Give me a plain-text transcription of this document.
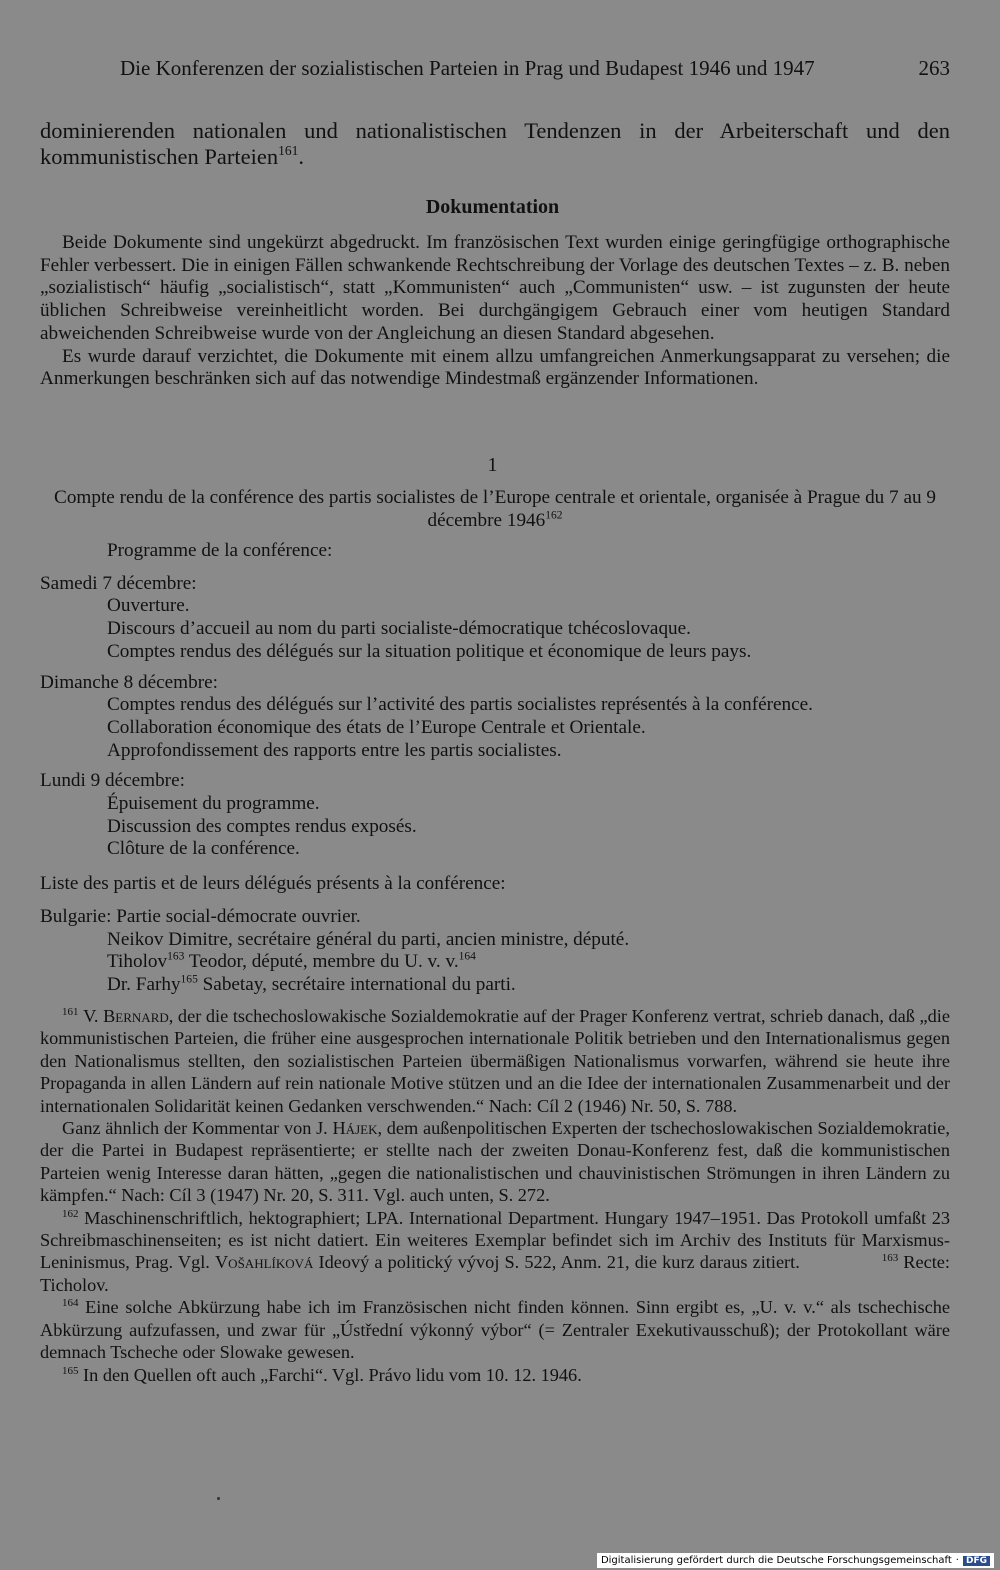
Die Konferenzen der sozialistischen Parteien in Prag und Budapest 1946 und 1947	263
dominierenden nationalen und nationalistischen Tendenzen in der Arbeiterschaft und den kommunistischen Parteien$^{161}$.
Dokumentation

Beide Dokumente sind ungekürzt abgedruckt. Im französischen Text wurden einige geringfügige orthographische Fehler verbessert. Die in einigen Fällen schwankende Rechtschreibung der Vorlage des deutschen Textes – z. B. neben „sozialistisch“ häufig „socialistisch“, statt „Kommunisten“ auch „Communisten“ usw. – ist zugunsten der heute üblichen Schreibweise vereinheitlicht worden. Bei durchgängigem Gebrauch einer vom heutigen Standard abweichenden Schreibweise wurde von der Angleichung an diesen Standard abgesehen.

Es wurde darauf verzichtet, die Dokumente mit einem allzu umfangreichen Anmerkungsapparat zu versehen; die Anmerkungen beschränken sich auf das notwendige Mindestmaß ergänzender Informationen.

1
Compte rendu de la conférence des partis socialistes de l’Europe centrale et orientale, organisée à Prague du 7 au 9 décembre 1946$^{162}$
Programme de la conférence:
Samedi 7 décembre:
Ouverture.
Discours d’accueil au nom du parti socialiste-démocratique tchécoslovaque.
Comptes rendus des délégués sur la situation politique et économique de leurs pays.
Dimanche 8 décembre:
Comptes rendus des délégués sur l’activité des partis socialistes représentés à la conférence.
Collaboration économique des états de l’Europe Centrale et Orientale.
Approfondissement des rapports entre les partis socialistes.
Lundi 9 décembre:
Épuisement du programme.
Discussion des comptes rendus exposés.
Clôture de la conférence.
Liste des partis et de leurs délégués présents à la conférence:
Bulgarie: Partie social-démocrate ouvrier.
Neikov Dimitre, secrétaire général du parti, ancien ministre, député.
Tiholov$^{163}$ Teodor, député, membre du U. v. v.$^{164}$
Dr. Farhy$^{165}$ Sabetay, secrétaire international du parti.

$^{161}$ V. Bernard, der die tschechoslowakische Sozialdemokratie auf der Prager Konferenz vertrat, schrieb danach, daß „die kommunistischen Parteien, die früher eine ausgesprochen internationale Politik betrieben und den Internationalismus gegen den Nationalismus stellten, den sozialistischen Parteien übermäßigen Nationalismus vorwarfen, während sie heute ihre Propaganda in allen Ländern auf rein nationale Motive stützen und an die Idee der internationalen Zusammenarbeit und der internationalen Solidarität keinen Gedanken verschwenden.“ Nach: Cíl 2 (1946) Nr. 50, S. 788.

Ganz ähnlich der Kommentar von J. Hájek, dem außenpolitischen Experten der tschechoslowakischen Sozialdemokratie, der die Partei in Budapest repräsentierte; er stellte nach der zweiten Donau-Konferenz fest, daß die kommunistischen Parteien wenig Interesse daran hätten, „gegen die nationalistischen und chauvinistischen Strömungen in ihren Ländern zu kämpfen.“ Nach: Cíl 3 (1947) Nr. 20, S. 311. Vgl. auch unten, S. 272.

$^{162}$ Maschinenschriftlich, hektographiert; LPA. International Department. Hungary 1947–1951. Das Protokoll umfaßt 23 Schreibmaschinenseiten; es ist nicht datiert. Ein weiteres Exemplar befindet sich im Archiv des Instituts für Marxismus-Leninismus, Prag. Vgl. Vošahlíková Ideový a politický vývoj S. 522, Anm. 21, die kurz daraus zitiert.	$^{163}$ Recte: Ticholov.

$^{164}$ Eine solche Abkürzung habe ich im Französischen nicht finden können. Sinn ergibt es, „U. v. v.“ als tschechische Abkürzung aufzufassen, und zwar für „Ústřední výkonný výbor“ (= Zentraler Exekutivausschuß); der Protokollant wäre demnach Tscheche oder Slowake gewesen.

$^{165}$ In den Quellen oft auch „Farchi“. Vgl. Právo lidu vom 10. 12. 1946.

Digitalisierung gefördert durch die Deutsche Forschungsgemeinschaft · DFG
